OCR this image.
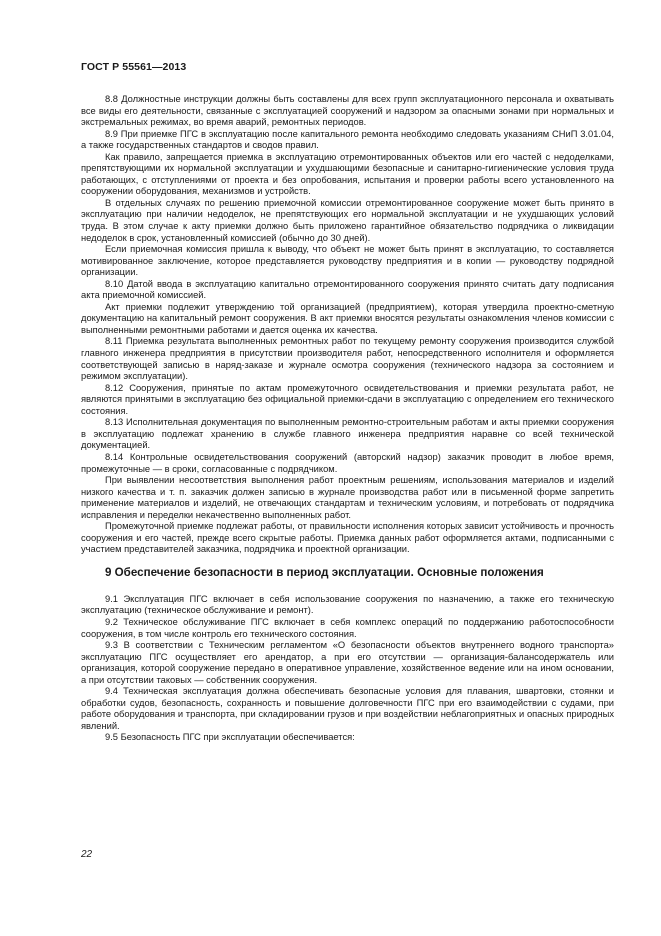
ГОСТ Р 55561—2013

8.8 Должностные инструкции должны быть составлены для всех групп эксплуатационного персонала и охватывать все виды его деятельности, связанные с эксплуатацией сооружений и надзором за опасными зонами при нормальных и экстремальных режимах, во время аварий, ремонтных периодов.

8.9 При приемке ПГС в эксплуатацию после капитального ремонта необходимо следовать указаниям СНиП 3.01.04, а также государственных стандартов и сводов правил.

Как правило, запрещается приемка в эксплуатацию отремонтированных объектов или его частей с недоделками, препятствующими их нормальной эксплуатации и ухудшающими безопасные и санитарно-гигиенические условия труда работающих, с отступлениями от проекта и без опробования, испытания и проверки работы всего установленного на сооружении оборудования, механизмов и устройств.

В отдельных случаях по решению приемочной комиссии отремонтированное сооружение может быть принято в эксплуатацию при наличии недоделок, не препятствующих его нормальной эксплуатации и не ухудшающих условий труда. В этом случае к акту приемки должно быть приложено гарантийное обязательство подрядчика о ликвидации недоделок в срок, установленный комиссией (обычно до 30 дней).

Если приемочная комиссия пришла к выводу, что объект не может быть принят в эксплуатацию, то составляется мотивированное заключение, которое представляется руководству предприятия и в копии — руководству подрядной организации.

8.10 Датой ввода в эксплуатацию капитально отремонтированного сооружения принято считать дату подписания акта приемочной комиссией.

Акт приемки подлежит утверждению той организацией (предприятием), которая утвердила проектно-сметную документацию на капитальный ремонт сооружения. В акт приемки вносятся результаты ознакомления членов комиссии с выполненными ремонтными работами и дается оценка их качества.

8.11 Приемка результата выполненных ремонтных работ по текущему ремонту сооружения производится службой главного инженера предприятия в присутствии производителя работ, непосредственного исполнителя и оформляется соответствующей записью в наряд-заказе и журнале осмотра сооружения (технического надзора за состоянием и режимом эксплуатации).

8.12 Сооружения, принятые по актам промежуточного освидетельствования и приемки результата работ, не являются принятыми в эксплуатацию без официальной приемки-сдачи в эксплуатацию с определением его технического состояния.

8.13 Исполнительная документация по выполненным ремонтно-строительным работам и акты приемки сооружения в эксплуатацию подлежат хранению в службе главного инженера предприятия наравне со всей технической документацией.

8.14 Контрольные освидетельствования сооружений (авторский надзор) заказчик проводит в любое время, промежуточные — в сроки, согласованные с подрядчиком.

При выявлении несоответствия выполнения работ проектным решениям, использования материалов и изделий низкого качества и т. п. заказчик должен записью в журнале производства работ или в письменной форме запретить применение материалов и изделий, не отвечающих стандартам и техническим условиям, и потребовать от подрядчика исправления и переделки некачественно выполненных работ.

Промежуточной приемке подлежат работы, от правильности исполнения которых зависит устойчивость и прочность сооружения и его частей, прежде всего скрытые работы. Приемка данных работ оформляется актами, подписанными с участием представителей заказчика, подрядчика и проектной организации.

9 Обеспечение безопасности в период эксплуатации. Основные положения

9.1 Эксплуатация ПГС включает в себя использование сооружения по назначению, а также его техническую эксплуатацию (техническое обслуживание и ремонт).

9.2 Техническое обслуживание ПГС включает в себя комплекс операций по поддержанию работоспособности сооружения, в том числе контроль его технического состояния.

9.3 В соответствии с Техническим регламентом «О безопасности объектов внутреннего водного транспорта» эксплуатацию ПГС осуществляет его арендатор, а при его отсутствии — организация-балансодержатель или организация, которой сооружение передано в оперативное управление, хозяйственное ведение или на ином основании, а при отсутствии таковых — собственник сооружения.

9.4 Техническая эксплуатация должна обеспечивать безопасные условия для плавания, швартовки, стоянки и обработки судов, безопасность, сохранность и повышение долговечности ПГС при его взаимодействии с судами, при работе оборудования и транспорта, при складировании грузов и при воздействии неблагоприятных и опасных природных явлений.

9.5 Безопасность ПГС при эксплуатации обеспечивается:

22
